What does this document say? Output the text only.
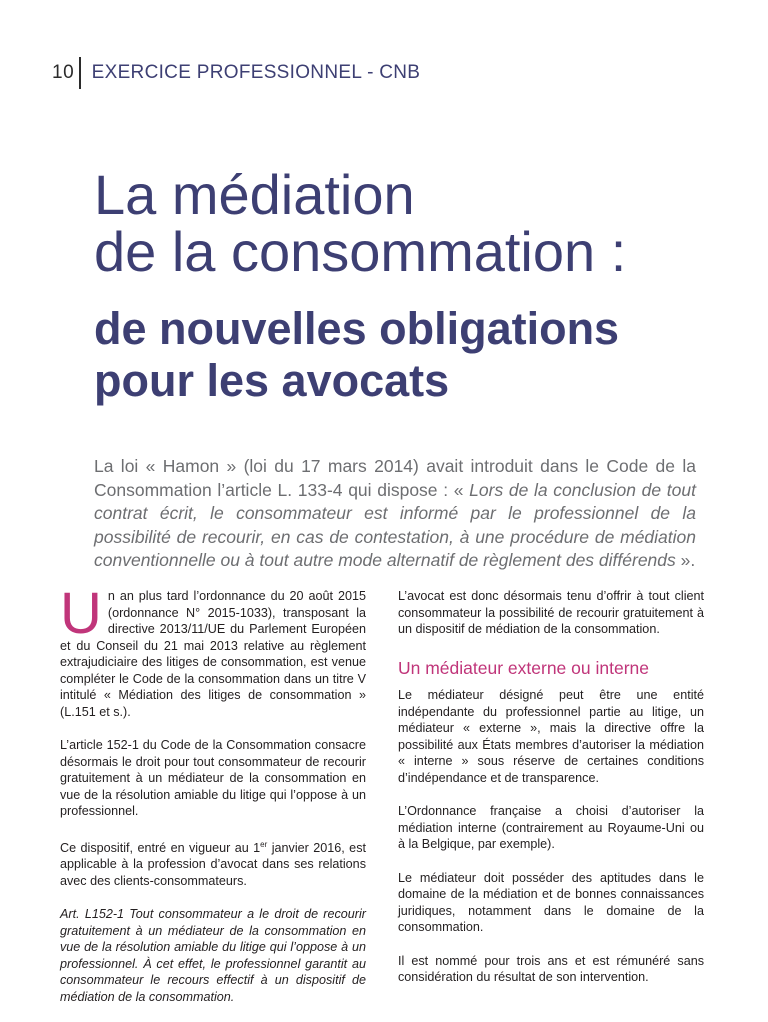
10 EXERCICE PROFESSIONNEL - CNB
La médiation
de la consommation :
de nouvelles obligations
pour les avocats

La loi « Hamon » (loi du 17 mars 2014) avait introduit dans le Code de la Consommation l’article L. 133-4 qui dispose : « Lors de la conclusion de tout contrat écrit, le consommateur est informé par le professionnel de la possibilité de recourir, en cas de contestation, à une procédure de médiation conventionnelle ou à tout autre mode alternatif de règlement des différends ».

Un an plus tard l’ordonnance du 20 août 2015 (ordonnance N° 2015-1033), transposant la directive 2013/11/UE du Parlement Européen et du Conseil du 21 mai 2013 relative au règlement extrajudiciaire des litiges de consommation, est venue compléter le Code de la consommation dans un titre V intitulé « Médiation des litiges de consommation » (L.151 et s.).

L’article 152-1 du Code de la Consommation consacre désormais le droit pour tout consommateur de recourir gratuitement à un médiateur de la consommation en vue de la résolution amiable du litige qui l’oppose à un professionnel.

Ce dispositif, entré en vigueur au 1er janvier 2016, est applicable à la profession d’avocat dans ses relations avec des clients-consommateurs.

Art. L152-1 Tout consommateur a le droit de recourir gratuitement à un médiateur de la consommation en vue de la résolution amiable du litige qui l’oppose à un professionnel. À cet effet, le professionnel garantit au consommateur le recours effectif à un dispositif de médiation de la consommation.

L’avocat est donc désormais tenu d’offrir à tout client consommateur la possibilité de recourir gratuitement à un dispositif de médiation de la consommation.

Un médiateur externe ou interne

Le médiateur désigné peut être une entité indépendante du professionnel partie au litige, un médiateur « externe », mais la directive offre la possibilité aux États membres d’autoriser la médiation « interne » sous réserve de certaines conditions d’indépendance et de transparence.

L’Ordonnance française a choisi d’autoriser la médiation interne (contrairement au Royaume-Uni ou à la Belgique, par exemple).

Le médiateur doit posséder des aptitudes dans le domaine de la médiation et de bonnes connaissances juridiques, notamment dans le domaine de la consommation.

Il est nommé pour trois ans et est rémunéré sans considération du résultat de son intervention.
